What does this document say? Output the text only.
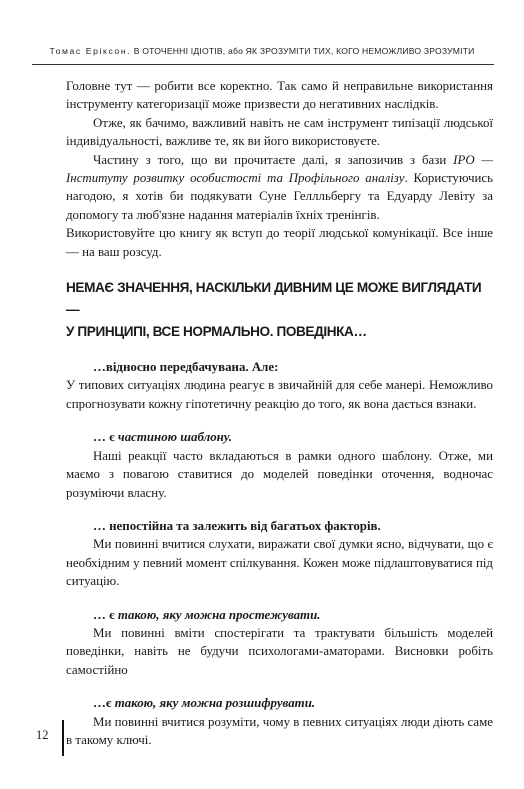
Томас Ерiксон. В ОТОЧЕННІ ІДІОТІВ, або ЯК ЗРОЗУМІТИ ТИХ, КОГО НЕМОЖЛИВО ЗРОЗУМІТИ

Головне тут — робити все коректно. Так само й неправильне використання інструменту категоризації може призвести до негативних наслідків.

Отже, як бачимо, важливий навіть не сам інструмент типізації людської індивідуальності, важливе те, як ви його використовуєте.

Частину з того, що ви прочитаєте далі, я запозичив з бази IPO — Інституту розвитку особистості та Профільного аналізу. Користуючись нагодою, я хотів би подякувати Суне Геллльбергу та Едуарду Левіту за допомогу та люб'язне надання матеріалів їхніх тренінгів.

Використовуйте цю книгу як вступ до теорії людської комунікації. Все інше — на ваш розсуд.

НЕМАЄ ЗНАЧЕННЯ, НАСКІЛЬКИ ДИВНИМ ЦЕ МОЖЕ ВИГЛЯДАТИ —
У ПРИНЦИПІ, ВСЕ НОРМАЛЬНО. ПОВЕДІНКА…
…відносно передбачувана. Але:

У типових ситуаціях людина реагує в звичайній для себе манері. Неможливо спрогнозувати кожну гіпотетичну реакцію до того, як вона дається взнаки.

… є частиною шаблону.

Наші реакції часто вкладаються в рамки одного шаблону. Отже, ми маємо з повагою ставитися до моделей поведінки оточення, водночас розуміючи власну.

… непостійна та залежить від багатьох факторів.

Ми повинні вчитися слухати, виражати свої думки ясно, відчувати, що є необхідним у певний момент спілкування. Кожен може підлаштовуватися під ситуацію.

… є такою, яку можна простежувати.

Ми повинні вміти спостерігати та трактувати більшість моделей поведінки, навіть не будучи психологами-аматорами. Висновки робіть самостійно

…є такою, яку можна розшифрувати.

Ми повинні вчитися розуміти, чому в певних ситуаціях люди діють саме в такому ключі.

12
